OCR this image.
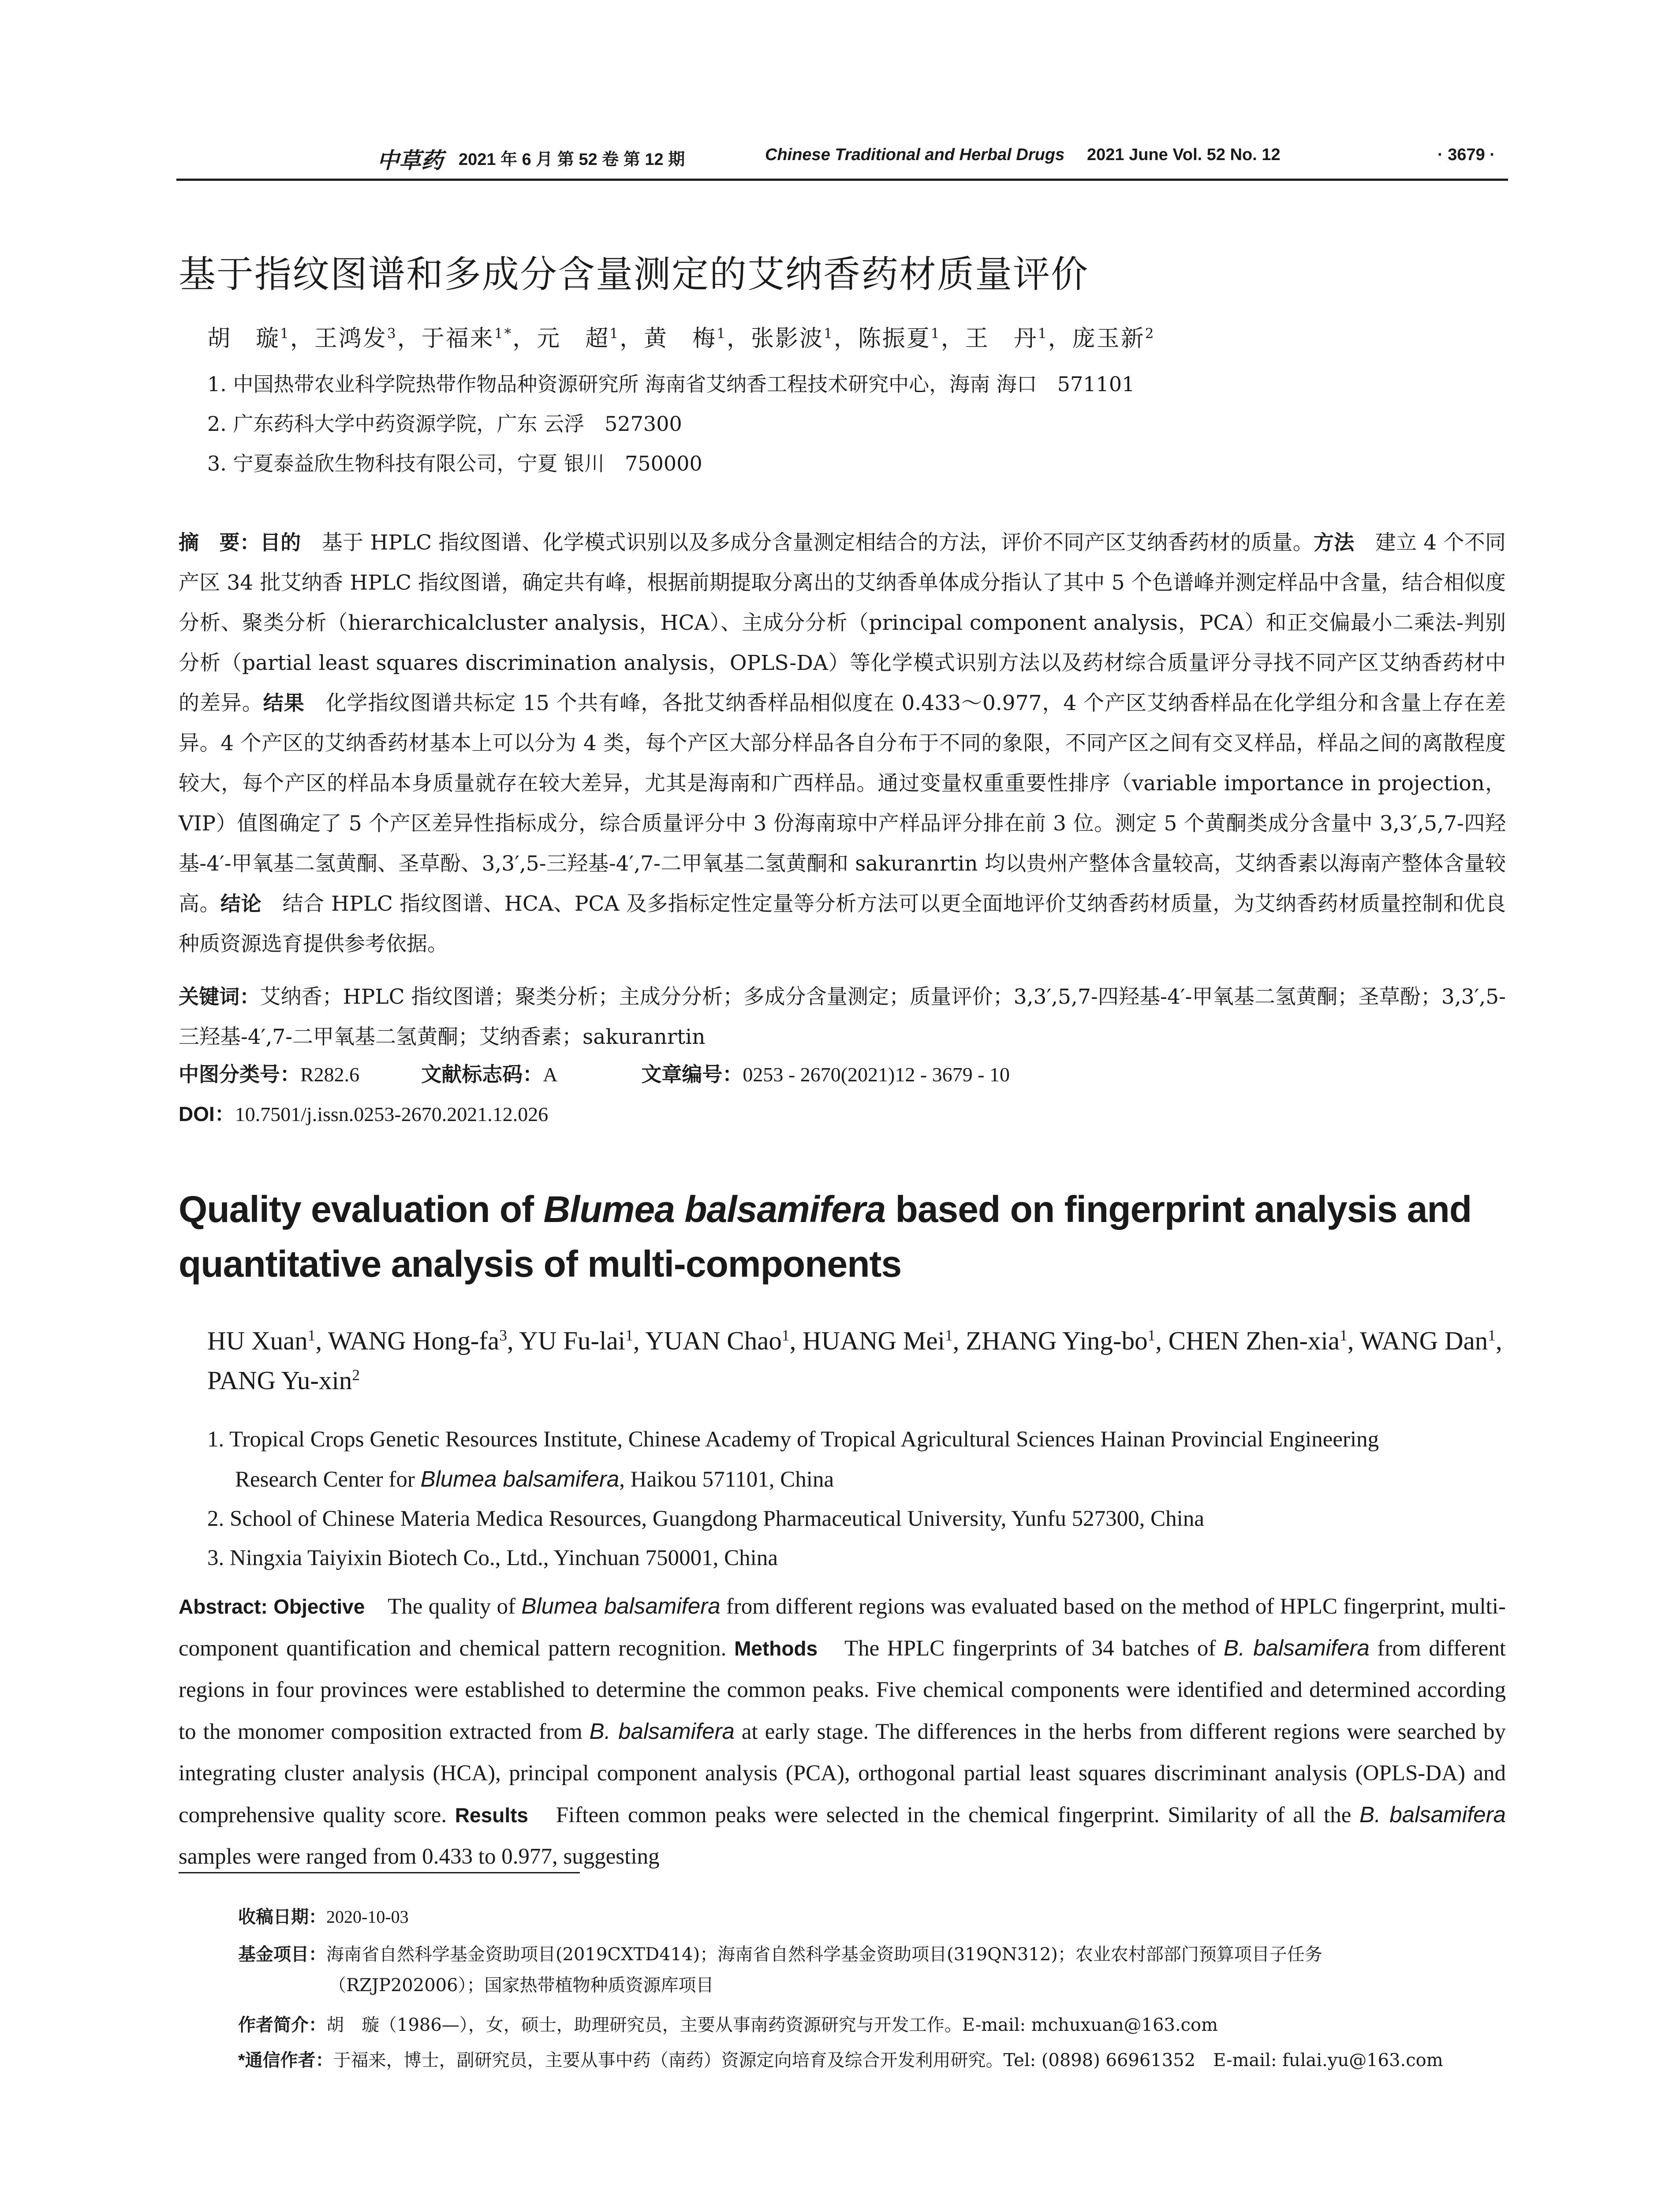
中草药 2021 年 6 月 第 52 卷 第 12 期	Chinese Traditional and Herbal Drugs 2021 June Vol. 52 No. 12	· 3679 ·
基于指纹图谱和多成分含量测定的艾纳香药材质量评价
胡　璇$^1$，王鸿发$^3$，于福来$^{1*}$，元　超$^1$，黄　梅$^1$，张影波$^1$，陈振夏$^1$，王　丹$^1$，庞玉新$^2$
1. 中国热带农业科学院热带作物品种资源研究所 海南省艾纳香工程技术研究中心，海南 海口　571101
2. 广东药科大学中药资源学院，广东 云浮　527300
3. 宁夏泰益欣生物科技有限公司，宁夏 银川　750000
摘　要：目的　基于 HPLC 指纹图谱、化学模式识别以及多成分含量测定相结合的方法，评价不同产区艾纳香药材的质量。方法　建立 4 个不同产区 34 批艾纳香 HPLC 指纹图谱，确定共有峰，根据前期提取分离出的艾纳香单体成分指认了其中 5 个色谱峰并测定样品中含量，结合相似度分析、聚类分析（hierarchicalcluster analysis，HCA）、主成分分析（principal component analysis，PCA）和正交偏最小二乘法-判别分析（partial least squares discrimination analysis，OPLS-DA）等化学模式识别方法以及药材综合质量评分寻找不同产区艾纳香药材中的差异。结果　化学指纹图谱共标定 15 个共有峰，各批艾纳香样品相似度在 0.433～0.977，4 个产区艾纳香样品在化学组分和含量上存在差异。4 个产区的艾纳香药材基本上可以分为 4 类，每个产区大部分样品各自分布于不同的象限，不同产区之间有交叉样品，样品之间的离散程度较大，每个产区的样品本身质量就存在较大差异，尤其是海南和广西样品。通过变量权重重要性排序（variable importance in projection，VIP）值图确定了 5 个产区差异性指标成分，综合质量评分中 3 份海南琼中产样品评分排在前 3 位。测定 5 个黄酮类成分含量中 3,3′,5,7-四羟基-4′-甲氧基二氢黄酮、圣草酚、3,3′,5-三羟基-4′,7-二甲氧基二氢黄酮和 sakuranrtin 均以贵州产整体含量较高，艾纳香素以海南产整体含量较高。结论　结合 HPLC 指纹图谱、HCA、PCA 及多指标定性定量等分析方法可以更全面地评价艾纳香药材质量，为艾纳香药材质量控制和优良种质资源选育提供参考依据。
关键词：艾纳香；HPLC 指纹图谱；聚类分析；主成分分析；多成分含量测定；质量评价；3,3′,5,7-四羟基-4′-甲氧基二氢黄酮；圣草酚；3,3′,5-三羟基-4′,7-二甲氧基二氢黄酮；艾纳香素；sakuranrtin
中图分类号：R282.6	文献标志码：A	文章编号：0253 - 2670(2021)12 - 3679 - 10
DOI：10.7501/j.issn.0253-2670.2021.12.026
Quality evaluation of Blumea balsamifera based on fingerprint analysis and quantitative analysis of multi-components
HU Xuan$^1$, WANG Hong-$fa^3$, YU Fu-lai$^1$, YUAN Chao$^1$, HUANG Mei$^1$, ZHANG Ying-$bo^1$, CHEN Zhen-xia$^1$, WANG Dan$^1$, PANG Yu-xin$^2$
1. Tropical Crops Genetic Resources Institute, Chinese Academy of Tropical Agricultural Sciences Hainan Provincial Engineering
Research Center for Blumea balsamifera, Haikou 571101, China
2. School of Chinese Materia Medica Resources, Guangdong Pharmaceutical University, Yunfu 527300, China
3. Ningxia Taiyixin Biotech Co., Ltd., Yinchuan 750001, China
Abstract: Objective　The quality of Blumea balsamifera from different regions was evaluated based on the method of HPLC fingerprint, multi-component quantification and chemical pattern recognition. Methods　The HPLC fingerprints of 34 batches of B. balsamifera from different regions in four provinces were established to determine the common peaks. Five chemical components were identified and determined according to the monomer composition extracted from B. balsamifera at early stage. The differences in the herbs from different regions were searched by integrating cluster analysis (HCA), principal component analysis (PCA), orthogonal partial least squares discriminant analysis (OPLS-DA) and comprehensive quality score. Results　Fifteen common peaks were selected in the chemical fingerprint. Similarity of all the B. balsamifera samples were ranged from 0.433 to 0.977, suggesting
收稿日期：2020-10-03
基金项目：海南省自然科学基金资助项目(2019CXTD414)；海南省自然科学基金资助项目(319QN312)；农业农村部部门预算项目子任务
（RZJP202006）；国家热带植物种质资源库项目
作者简介：胡　璇（1986—），女，硕士，助理研究员，主要从事南药资源研究与开发工作。E-mail: mchuxuan@163.com
*通信作者：于福来，博士，副研究员，主要从事中药（南药）资源定向培育及综合开发利用研究。Tel: (0898) 66961352　E-mail: fulai.yu@163.com
